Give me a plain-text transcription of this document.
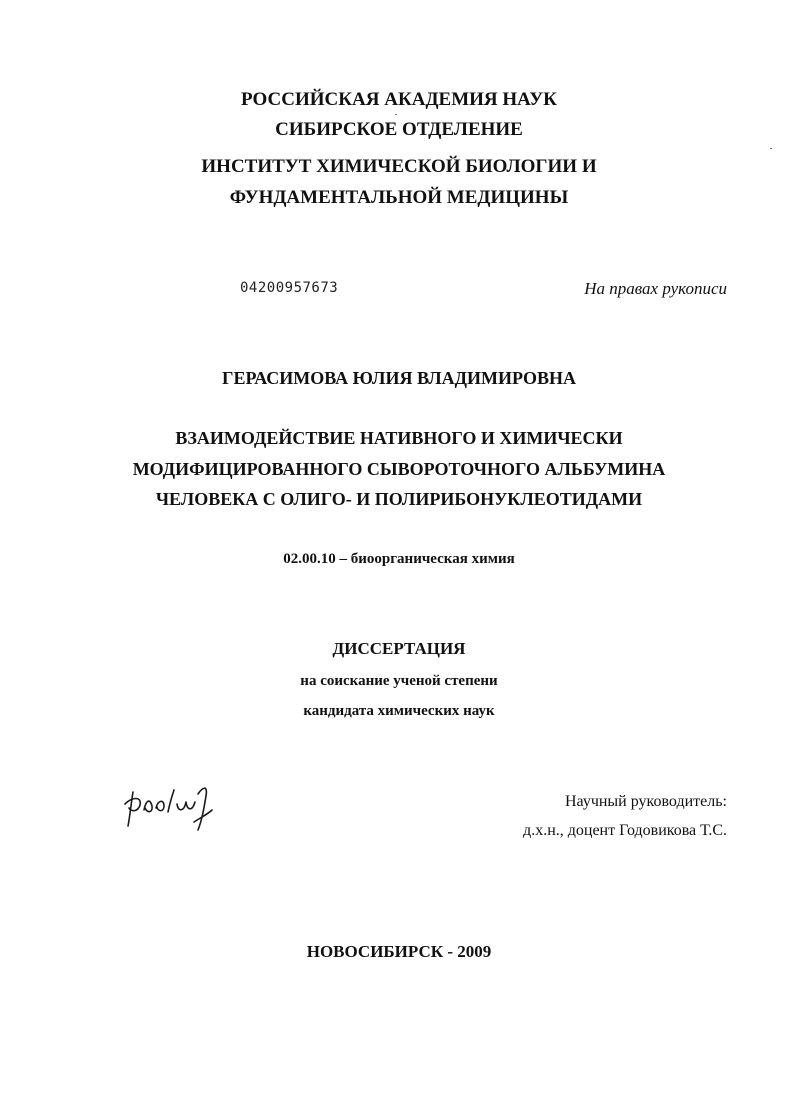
РОССИЙСКАЯ АКАДЕМИЯ НАУК
СИБИРСКОЕ ОТДЕЛЕНИЕ
ИНСТИТУТ ХИМИЧЕСКОЙ БИОЛОГИИ И
ФУНДАМЕНТАЛЬНОЙ МЕДИЦИНЫ
04200957673	На правах рукописи
ГЕРАСИМОВА ЮЛИЯ ВЛАДИМИРОВНА
ВЗАИМОДЕЙСТВИЕ НАТИВНОГО И ХИМИЧЕСКИ
МОДИФИЦИРОВАННОГО СЫВОРОТОЧНОГО АЛЬБУМИНА
ЧЕЛОВЕКА С ОЛИГО- И ПОЛИРИБОНУКЛЕОТИДАМИ
02.00.10 – биоорганическая химия
ДИССЕРТАЦИЯ
на соискание ученой степени
кандидата химических наук
Научный руководитель:
д.х.н., доцент Годовикова Т.С.
НОВОСИБИРСК - 2009
